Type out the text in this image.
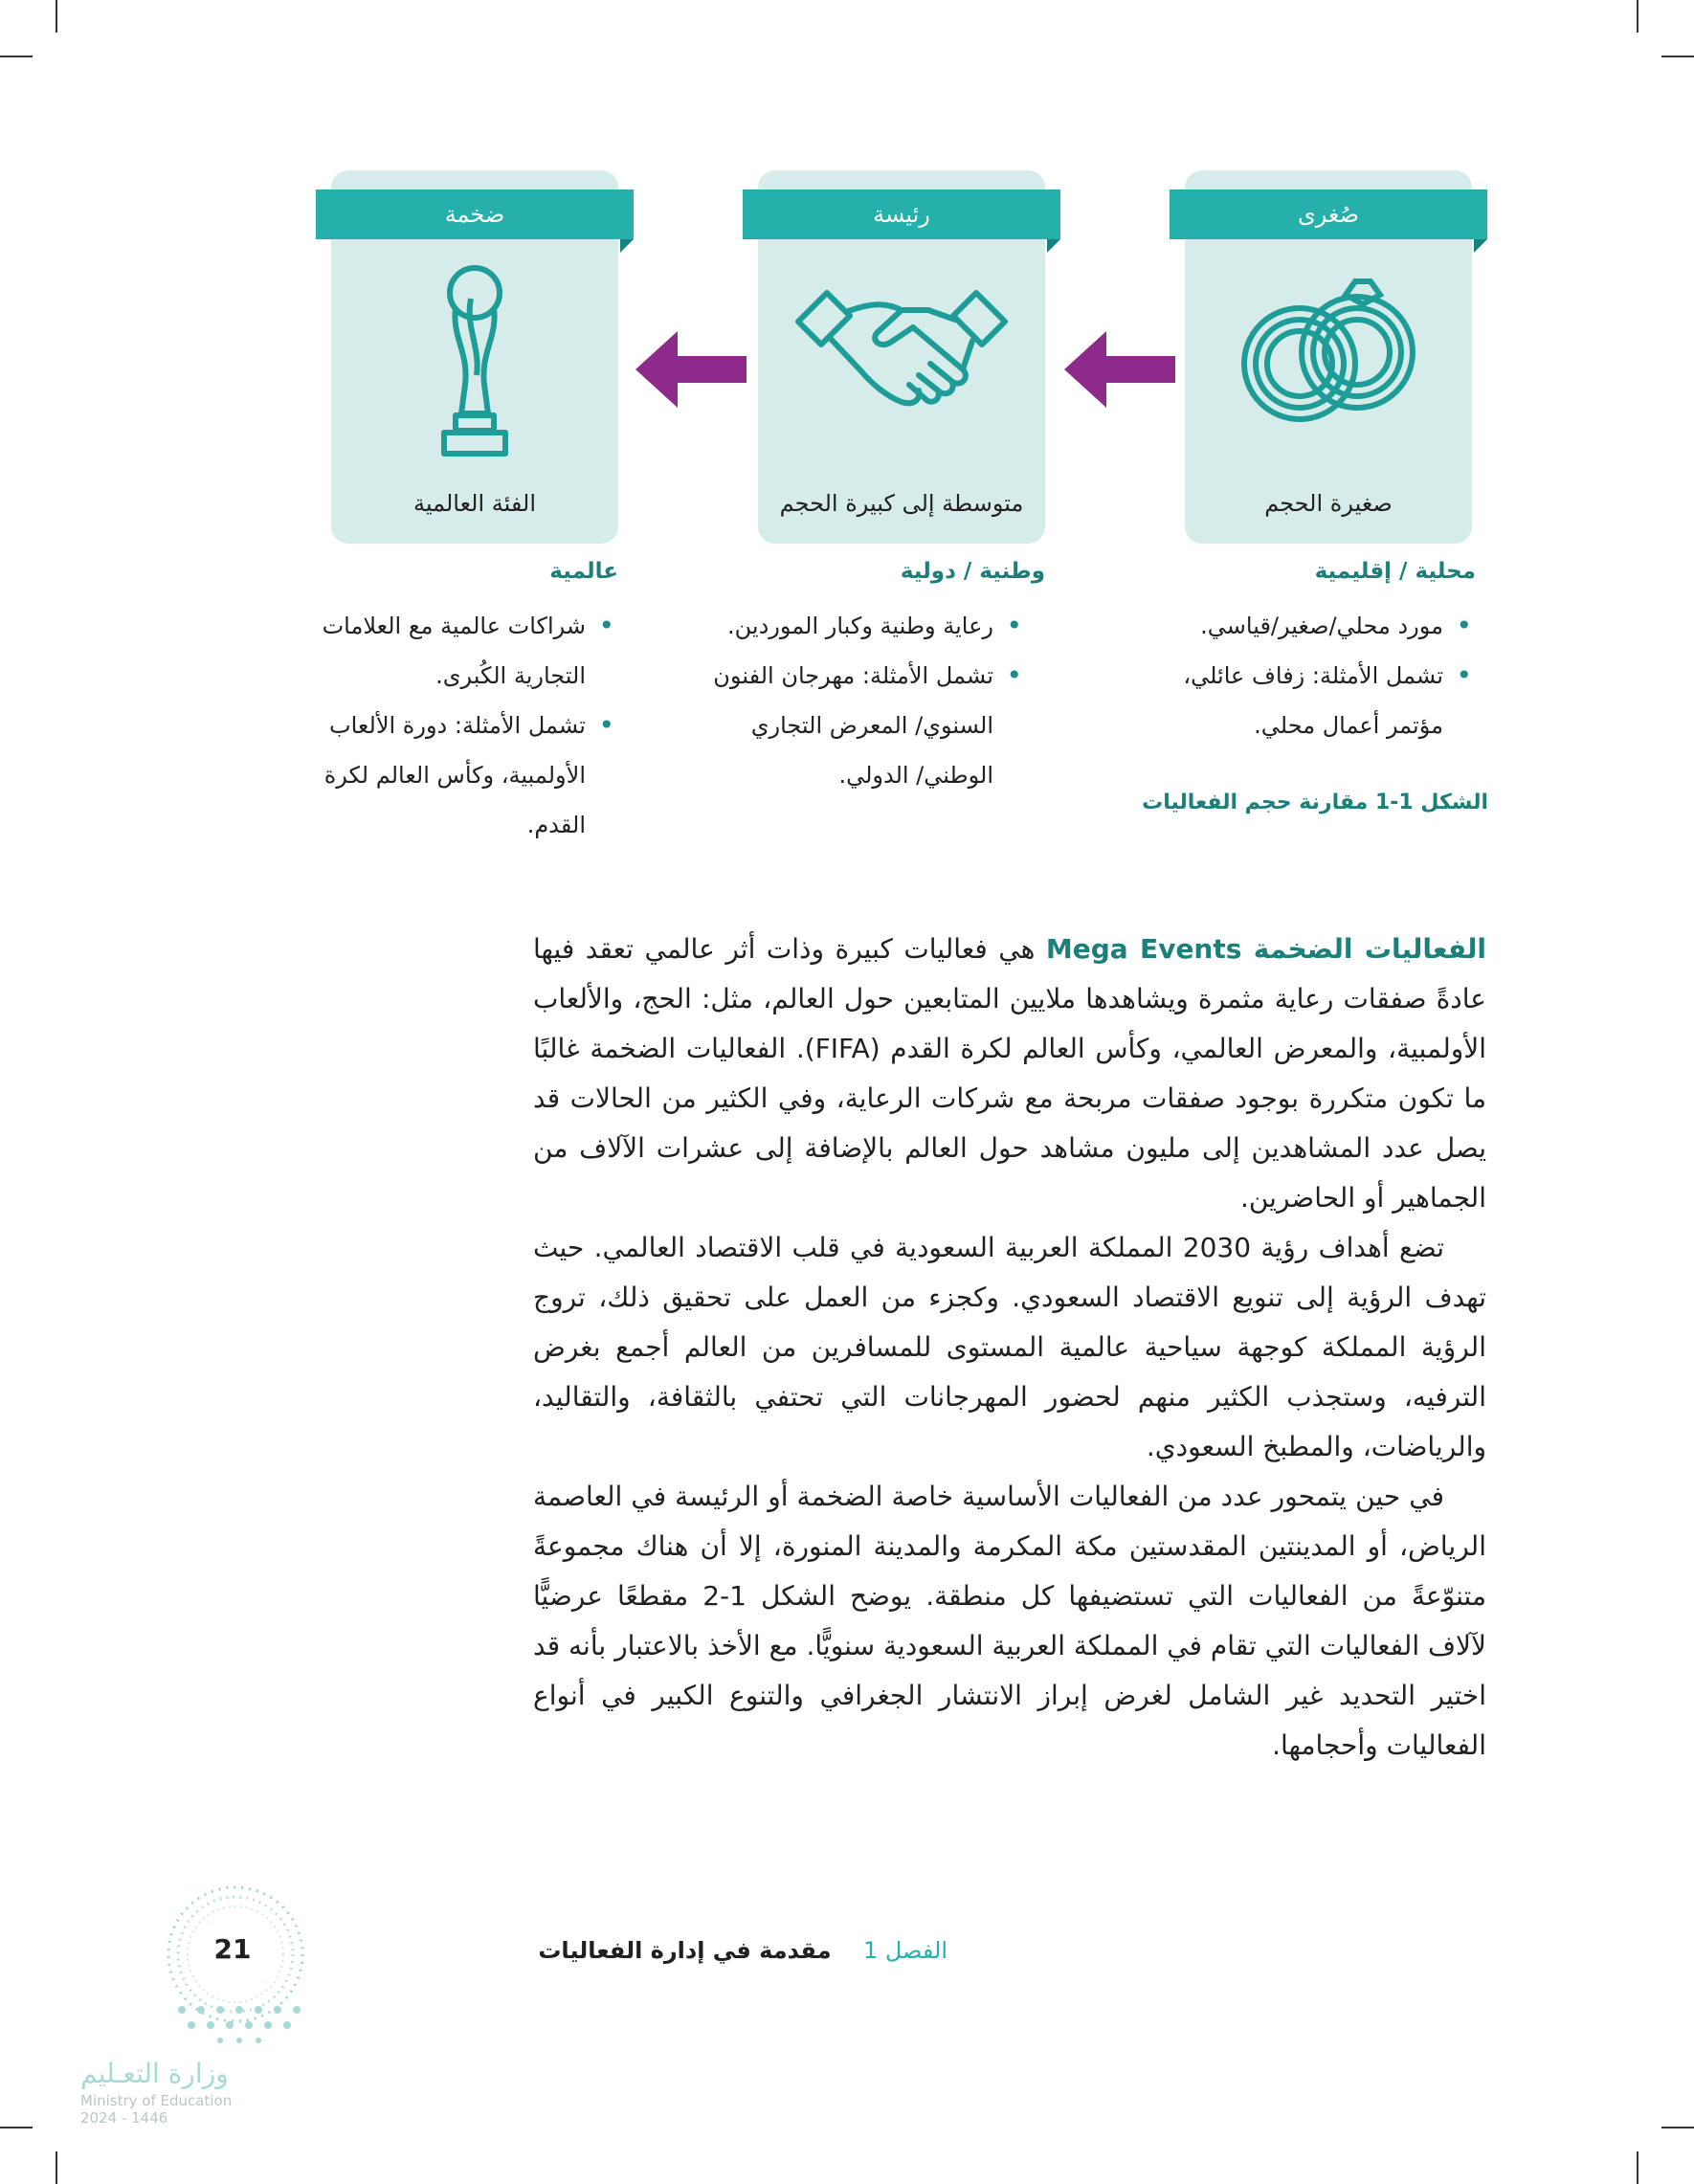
صُغرى
رئيسة
ضخمة
صغيرة الحجم
متوسطة إلى كبيرة الحجم
الفئة العالمية
محلية / إقليمية
• مورد محلي/صغير/قياسي.
• تشمل الأمثلة: زفاف عائلي، مؤتمر أعمال محلي.
وطنية / دولية
• رعاية وطنية وكبار الموردين.
• تشمل الأمثلة: مهرجان الفنون السنوي/ المعرض التجاري الوطني/ الدولي.
عالمية
• شراكات عالمية مع العلامات التجارية الكُبرى.
• تشمل الأمثلة: دورة الألعاب الأولمبية، وكأس العالم لكرة القدم.
الشكل 1-1 مقارنة حجم الفعاليات

الفعاليات الضخمة Mega Events هي فعاليات كبيرة وذات أثر عالمي تعقد فيها عادةً صفقات رعاية مثمرة ويشاهدها ملايين المتابعين حول العالم، مثل: الحج، والألعاب الأولمبية، والمعرض العالمي، وكأس العالم لكرة القدم (FIFA). الفعاليات الضخمة غالبًا ما تكون متكررة بوجود صفقات مربحة مع شركات الرعاية، وفي الكثير من الحالات قد يصل عدد المشاهدين إلى مليون مشاهد حول العالم بالإضافة إلى عشرات الآلاف من الجماهير أو الحاضرين.

تضع أهداف رؤية 2030 المملكة العربية السعودية في قلب الاقتصاد العالمي. حيث تهدف الرؤية إلى تنويع الاقتصاد السعودي. وكجزء من العمل على تحقيق ذلك، تروج الرؤية المملكة كوجهة سياحية عالمية المستوى للمسافرين من العالم أجمع بغرض الترفيه، وستجذب الكثير منهم لحضور المهرجانات التي تحتفي بالثقافة، والتقاليد، والرياضات، والمطبخ السعودي.

في حين يتمحور عدد من الفعاليات الأساسية خاصة الضخمة أو الرئيسة في العاصمة الرياض، أو المدينتين المقدستين مكة المكرمة والمدينة المنورة، إلا أن هناك مجموعةً متنوّعةً من الفعاليات التي تستضيفها كل منطقة. يوضح الشكل 1-2 مقطعًا عرضيًّا لآلاف الفعاليات التي تقام في المملكة العربية السعودية سنويًّا. مع الأخذ بالاعتبار بأنه قد اختير التحديد غير الشامل لغرض إبراز الانتشار الجغرافي والتنوع الكبير في أنواع الفعاليات وأحجامها.

الفصل 1    مقدمة في إدارة الفعاليات
21
وزارة التعـليم
Ministry of Education
2024 - 1446
